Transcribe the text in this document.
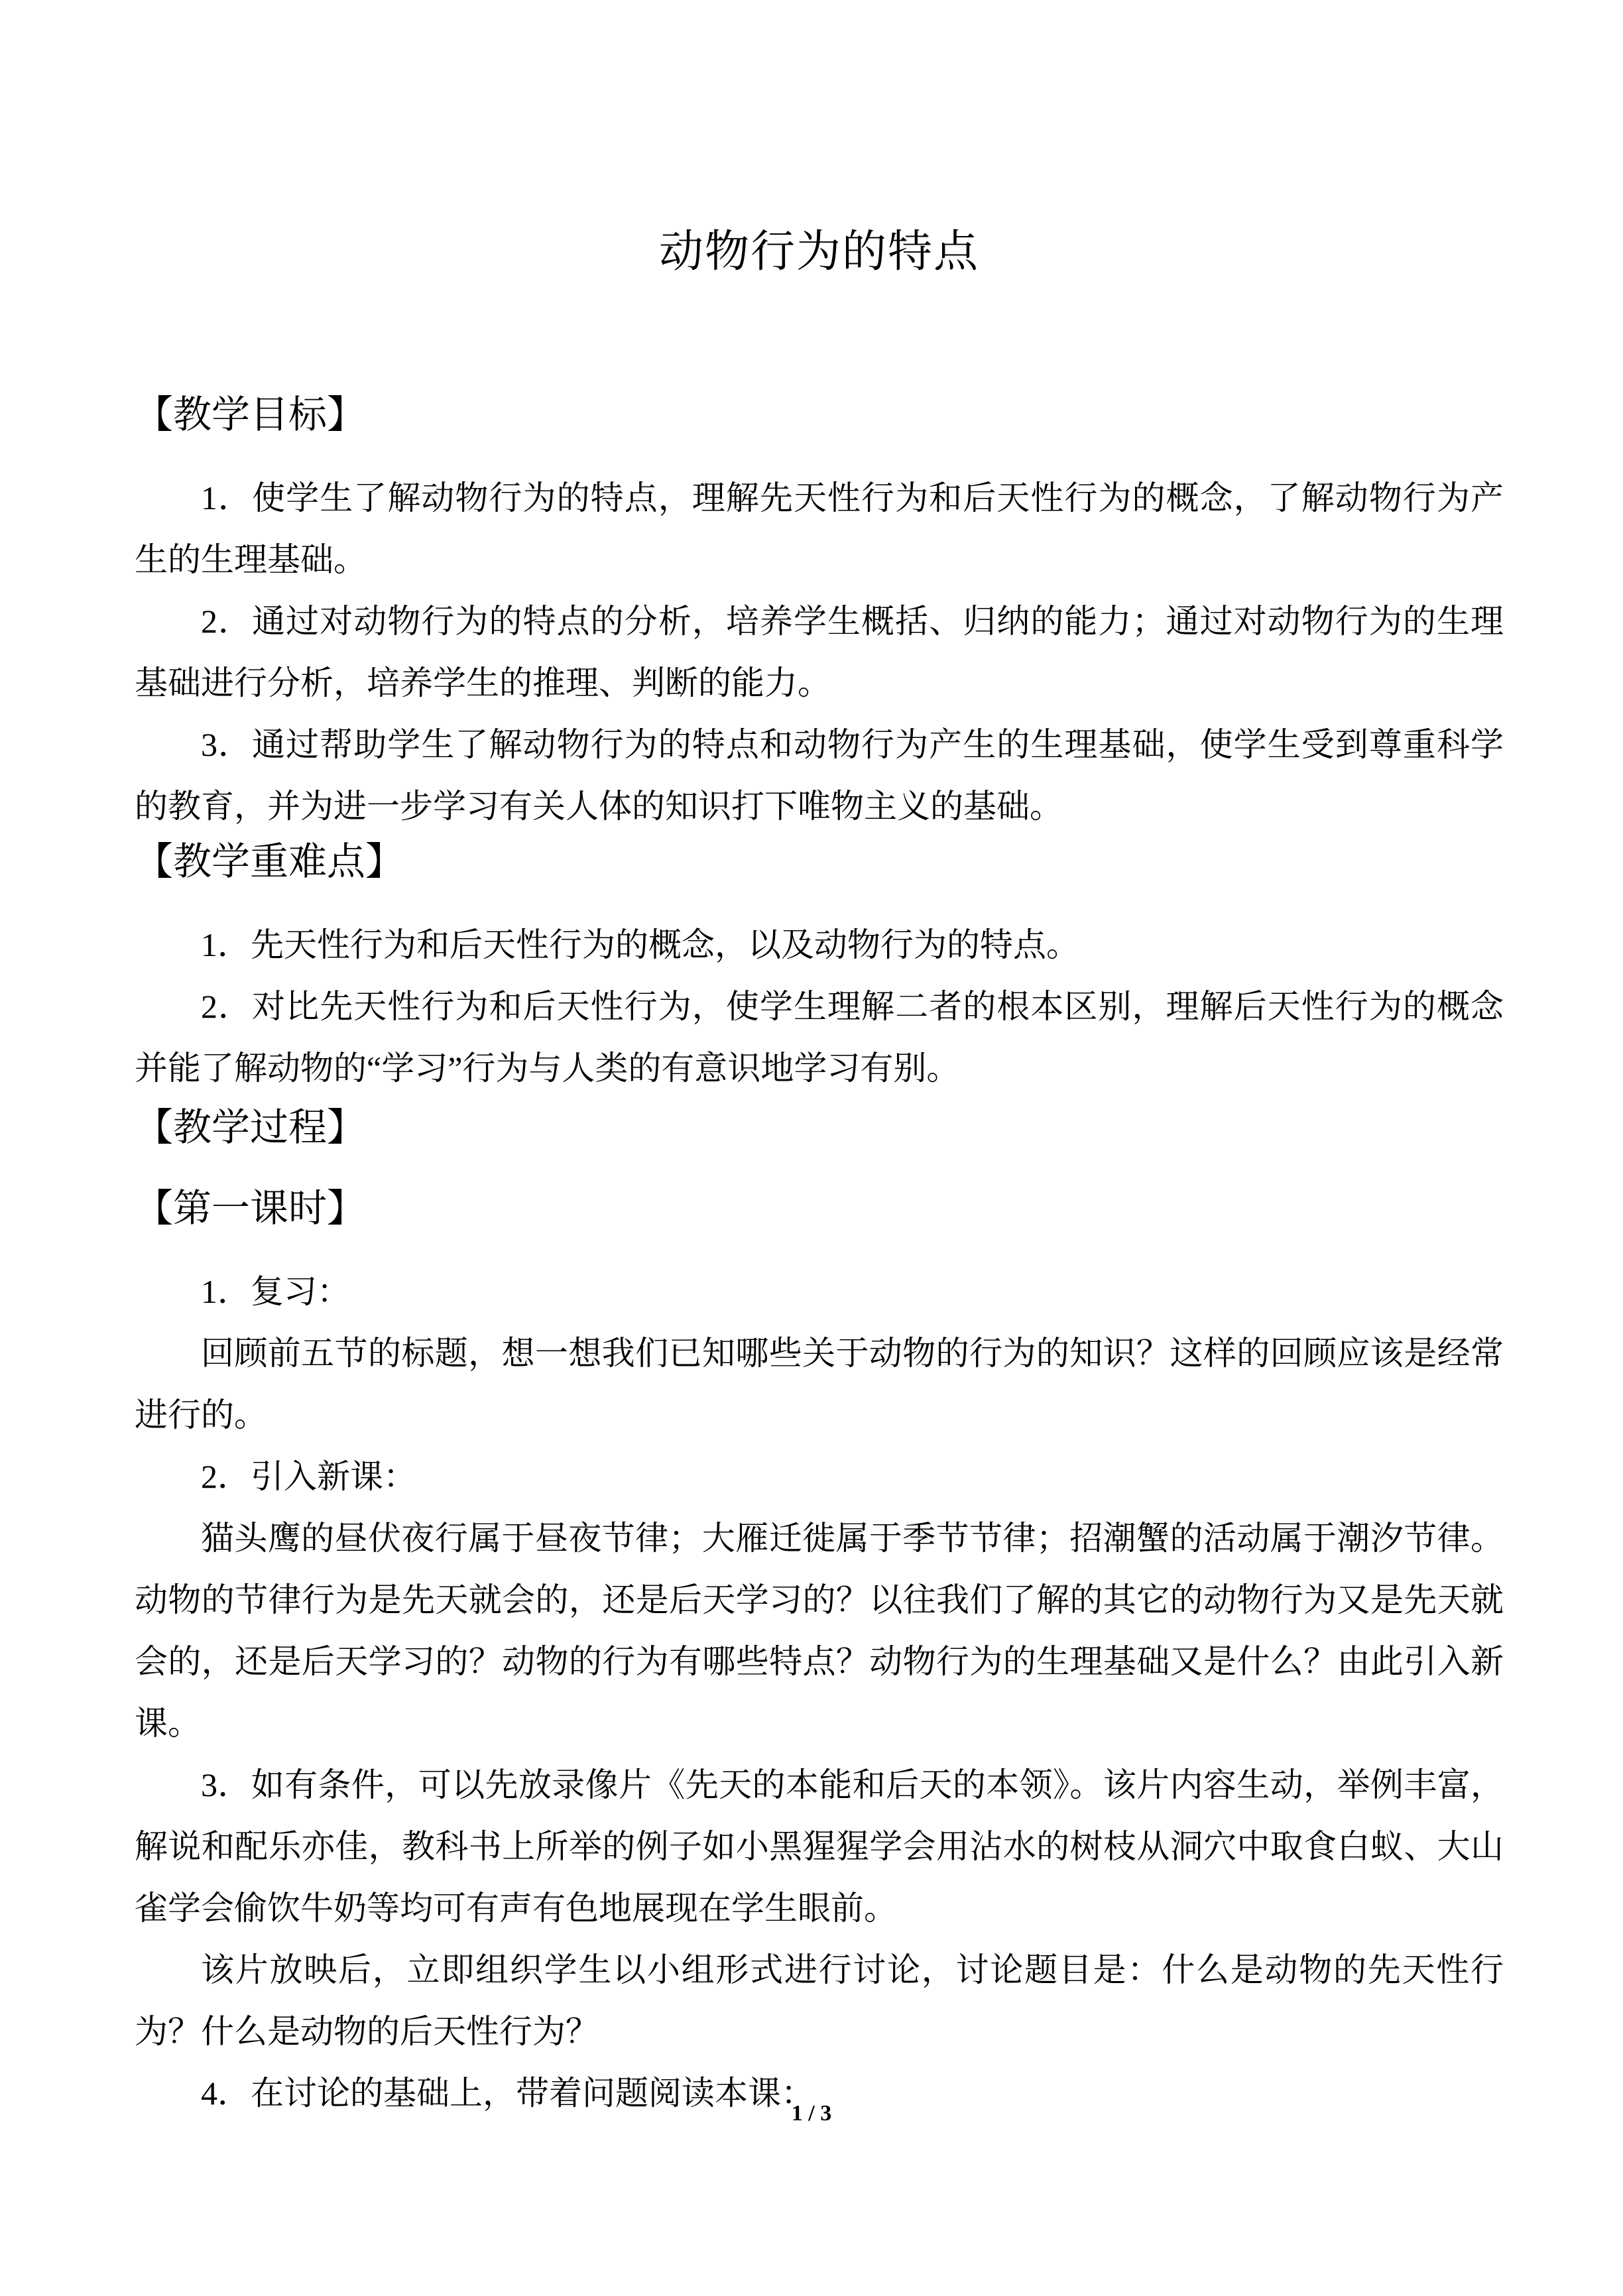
动物行为的特点
【教学目标】

1．使学生了解动物行为的特点，理解先天性行为和后天性行为的概念，了解动物行为产生的生理基础。

2．通过对动物行为的特点的分析，培养学生概括、归纳的能力；通过对动物行为的生理基础进行分析，培养学生的推理、判断的能力。

3．通过帮助学生了解动物行为的特点和动物行为产生的生理基础，使学生受到尊重科学的教育，并为进一步学习有关人体的知识打下唯物主义的基础。

【教学重难点】

1．先天性行为和后天性行为的概念，以及动物行为的特点。

2．对比先天性行为和后天性行为，使学生理解二者的根本区别，理解后天性行为的概念并能了解动物的“学习”行为与人类的有意识地学习有别。

【教学过程】
【第一课时】

1．复习：

回顾前五节的标题，想一想我们已知哪些关于动物的行为的知识？这样的回顾应该是经常进行的。

2．引入新课：

猫头鹰的昼伏夜行属于昼夜节律；大雁迁徙属于季节节律；招潮蟹的活动属于潮汐节律。动物的节律行为是先天就会的，还是后天学习的？以往我们了解的其它的动物行为又是先天就会的，还是后天学习的？动物的行为有哪些特点？动物行为的生理基础又是什么？由此引入新课。

3．如有条件，可以先放录像片《先天的本能和后天的本领》。该片内容生动，举例丰富，解说和配乐亦佳，教科书上所举的例子如小黑猩猩学会用沾水的树枝从洞穴中取食白蚁、大山雀学会偷饮牛奶等均可有声有色地展现在学生眼前。

该片放映后，立即组织学生以小组形式进行讨论，讨论题目是：什么是动物的先天性行为？什么是动物的后天性行为？

4．在讨论的基础上，带着问题阅读本课：

1 / 3
